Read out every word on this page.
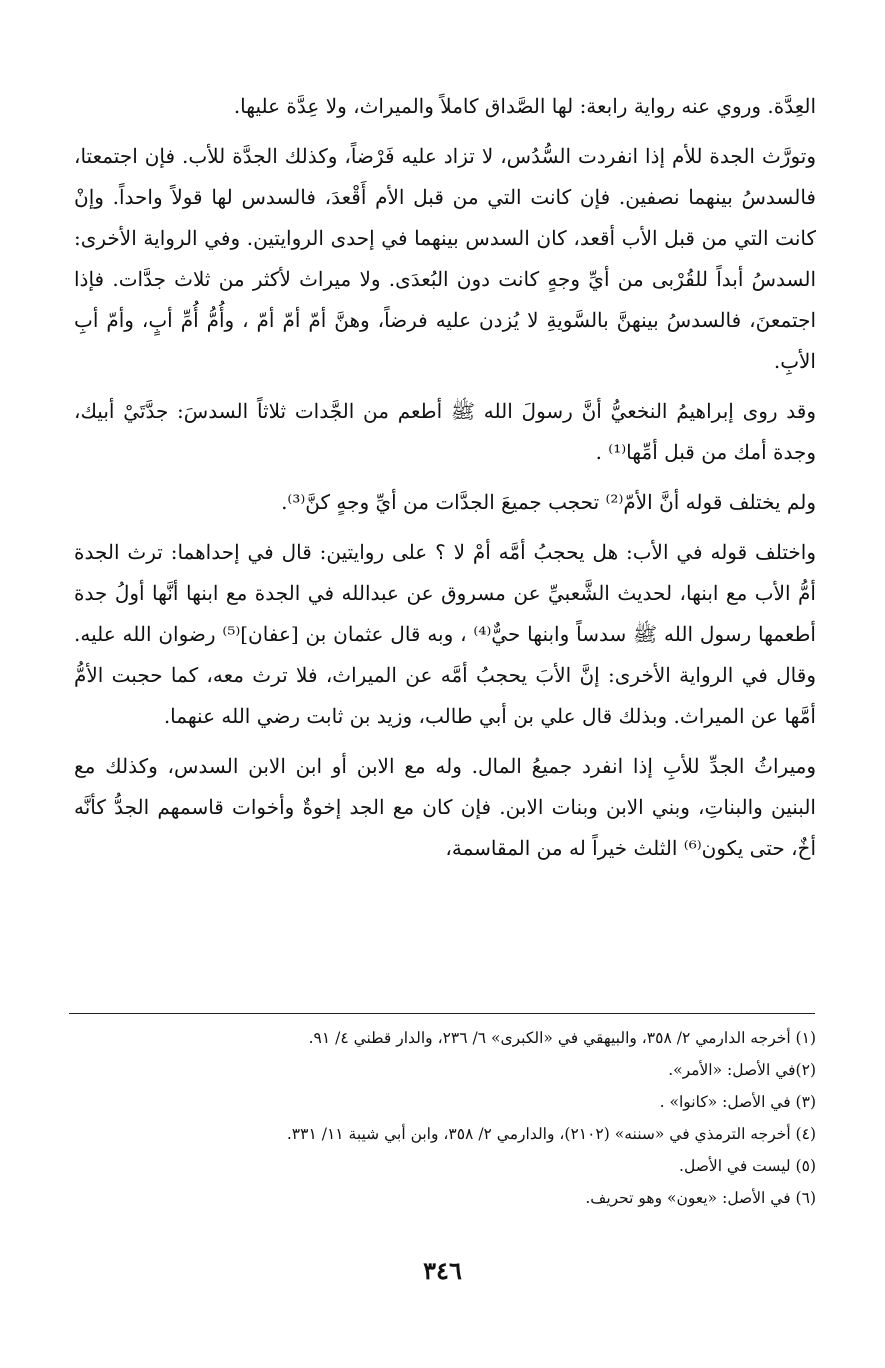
العِدَّة. وروي عنه رواية رابعة: لها الصَّداق كاملاً والميراث، ولا عِدَّة عليها.

وتورَّث الجدة للأم إذا انفردت السُّدُس، لا تزاد عليه فَرْضاً، وكذلك الجدَّة للأب. فإن اجتمعتا، فالسدسُ بينهما نصفين. فإن كانت التي من قبل الأم أَقْعدَ، فالسدس لها قولاً واحداً. وإنْ كانت التي من قبل الأب أقعد، كان السدس بينهما في إحدى الروايتين. وفي الرواية الأخرى: السدسُ أبداً للقُرْبى من أيِّ وجهٍ كانت دون البُعدَى. ولا ميراث لأكثر من ثلاث جدَّات. فإذا اجتمعنَ، فالسدسُ بينهنَّ بالسَّويةِ لا يُزدن عليه فرضاً، وهنَّ أمّ أمّ أمّ ، وأُمُّ أُمِّ أبٍ، وأمّ أبِ الأبِ.

وقد روى إبراهيمُ النخعيُّ أنَّ رسولَ الله ﷺ أطعم من الجَّدات ثلاثاً السدسَ: جدَّتَيْ أبيك، وجدة أمك من قبل أمِّها⁽¹⁾ .

ولم يختلف قوله أنَّ الأمّ⁽²⁾ تحجب جميعَ الجدَّات من أيِّ وجهٍ كنَّ⁽³⁾.

واختلف قوله في الأب: هل يحجبُ أمَّه أمْ لا ؟ على روايتين: قال في إحداهما: ترث الجدة أمُّ الأب مع ابنها، لحديث الشَّعبيِّ عن مسروق عن عبدالله في الجدة مع ابنها أنَّها أولُ جدة أطعمها رسول الله ﷺ سدساً وابنها حيٌّ⁽⁴⁾ ، وبه قال عثمان بن [عفان]⁽⁵⁾ رضوان الله عليه. وقال في الرواية الأخرى: إنَّ الأبَ يحجبُ أمَّه عن الميراث، فلا ترث معه، كما حجبت الأمُّ أمَّها عن الميراث. وبذلك قال علي بن أبي طالب، وزيد بن ثابت رضي الله عنهما.

وميراثُ الجدِّ للأبِ إذا انفرد جميعُ المال. وله مع الابن أو ابن الابن السدس، وكذلك مع البنين والبناتِ، وبني الابن وبنات الابن. فإن كان مع الجد إخوةٌ وأخوات قاسمهم الجدُّ كأنَّه أخٌ، حتى يكون⁽⁶⁾ الثلث خيراً له من المقاسمة،

(١) أخرجه الدارمي ٢/ ٣٥٨، والبيهقي في «الكبرى» ٦/ ٢٣٦، والدار قطني ٤/ ٩١.
(٢)في الأصل: «الأمر».
(٣) في الأصل: «كانوا» .
(٤) أخرجه الترمذي في «سننه» (٢١٠٢)، والدارمي ٢/ ٣٥٨، وابن أبي شيبة ١١/ ٣٣١.
(٥) ليست في الأصل.
(٦) في الأصل: «يعون» وهو تحريف.
٣٤٦
